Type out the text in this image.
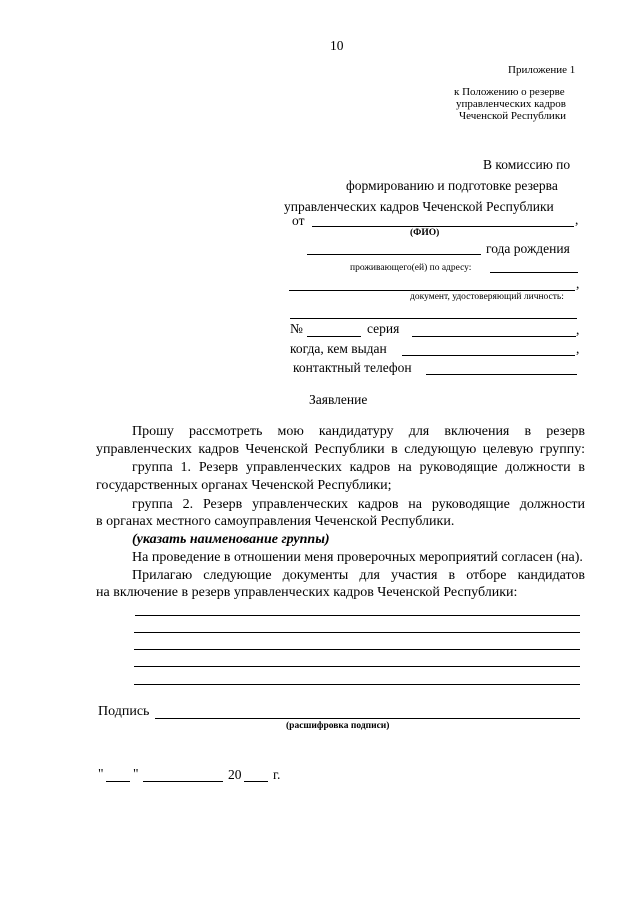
10
Приложение 1
к Положению о резерве
управленческих кадров
Чеченской Республики
В комиссию по
формированию и подготовке резерва
управленческих кадров Чеченской Республики
от	,
(ФИО)
года рождения
проживающего(ей) по адресу:
,
документ, удостоверяющий личность:
№	серия	,
когда, кем выдан	,
контактный телефон
Заявление
Прошу рассмотреть мою кандидатуру для включения в резерв
управленческих кадров Чеченской Республики в следующую целевую группу:
группа 1. Резерв управленческих кадров на руководящие должности в
государственных органах Чеченской Республики;
группа 2. Резерв управленческих кадров на руководящие должности
в органах местного самоуправления Чеченской Республики.
(указать наименование группы)
На проведение в отношении меня проверочных мероприятий согласен (на).
Прилагаю следующие документы для участия в отборе кандидатов
на включение в резерв управленческих кадров Чеченской Республики:
Подпись
(расшифровка подписи)
" "	20 г.
